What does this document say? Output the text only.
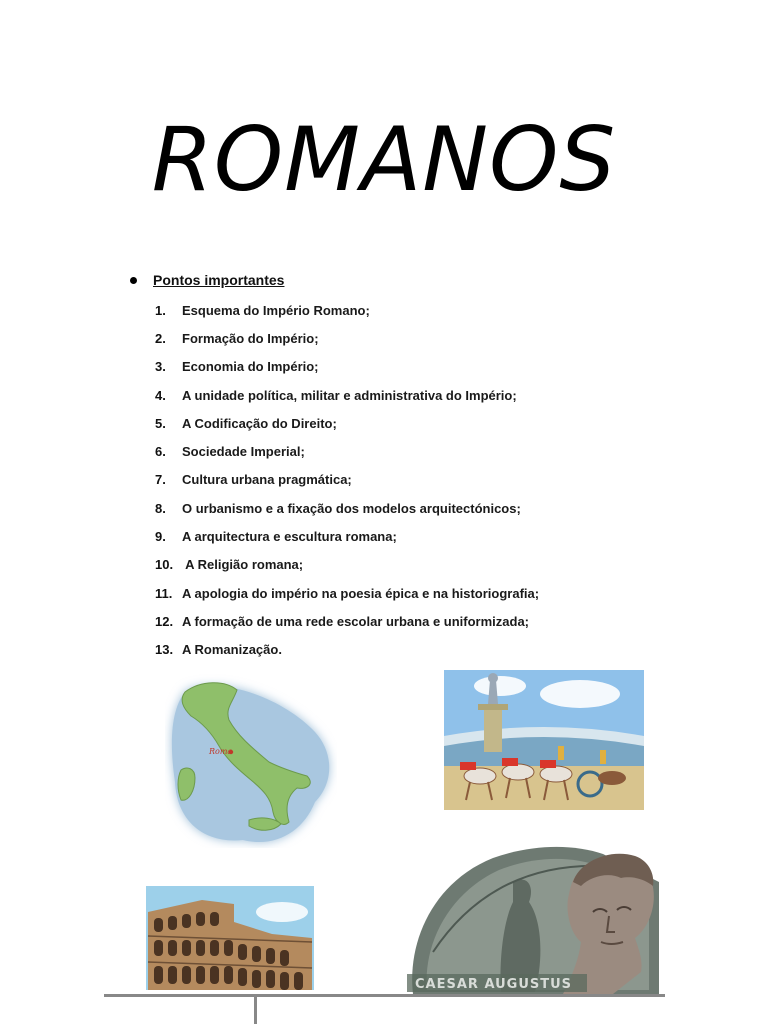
ROMANOS
Pontos importantes
1.	Esquema do Império Romano;
2.	Formação do Império;
3.	Economia do Império;
4.	A unidade política, militar e administrativa do Império;
5.	A Codificação do Direito;
6.	Sociedade Imperial;
7.	Cultura urbana pragmática;
8.	O urbanismo e a fixação dos modelos arquitectónicos;
9.	A arquitectura e escultura romana;
10. A Religião romana;
11. A apologia do império na poesia épica e na historiografia;
12. A formação de uma rede escolar urbana e uniformizada;
13. A Romanização.
Roma
CAESAR AUGUSTUS
